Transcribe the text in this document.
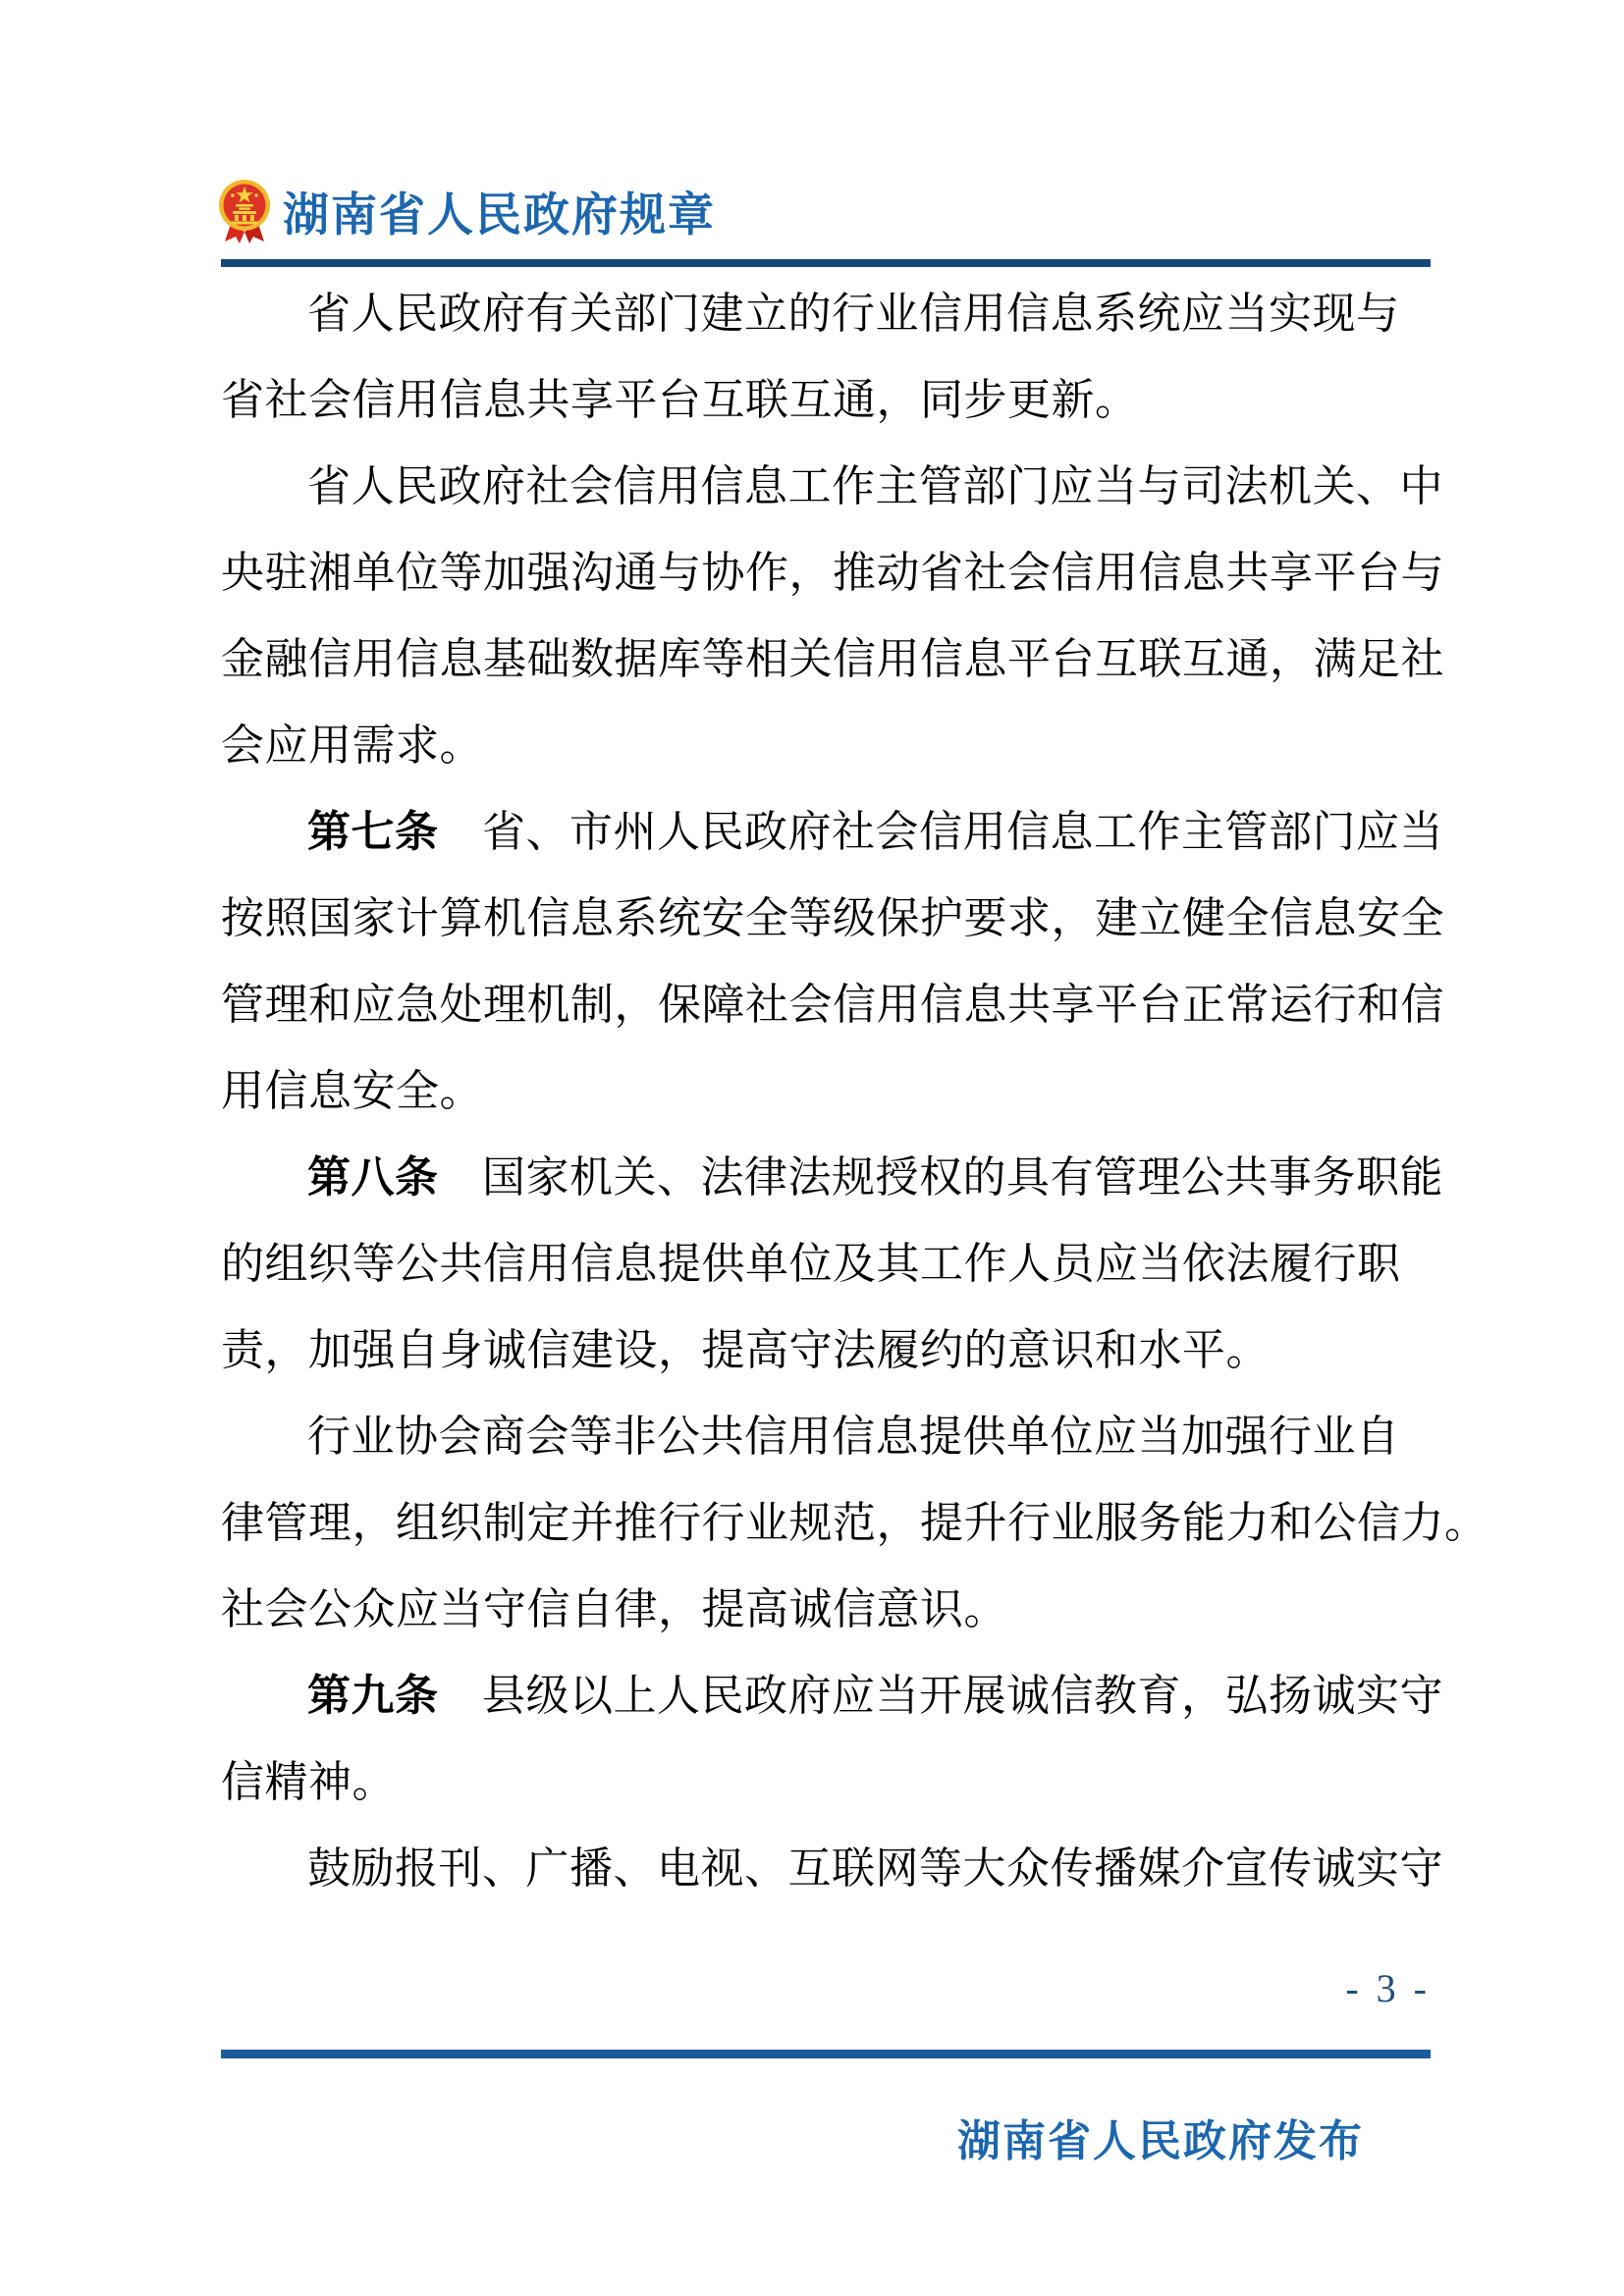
湖南省人民政府规章
省人民政府有关部门建立的行业信用信息系统应当实现与
省社会信用信息共享平台互联互通，同步更新。
省人民政府社会信用信息工作主管部门应当与司法机关、中
央驻湘单位等加强沟通与协作，推动省社会信用信息共享平台与
金融信用信息基础数据库等相关信用信息平台互联互通，满足社
会应用需求。
第七条　省、市州人民政府社会信用信息工作主管部门应当
按照国家计算机信息系统安全等级保护要求，建立健全信息安全
管理和应急处理机制，保障社会信用信息共享平台正常运行和信
用信息安全。
第八条　国家机关、法律法规授权的具有管理公共事务职能
的组织等公共信用信息提供单位及其工作人员应当依法履行职
责，加强自身诚信建设，提高守法履约的意识和水平。
行业协会商会等非公共信用信息提供单位应当加强行业自
律管理，组织制定并推行行业规范，提升行业服务能力和公信力。
社会公众应当守信自律，提高诚信意识。
第九条　县级以上人民政府应当开展诚信教育，弘扬诚实守
信精神。
鼓励报刊、广播、电视、互联网等大众传播媒介宣传诚实守
- 3 -
湖南省人民政府发布
